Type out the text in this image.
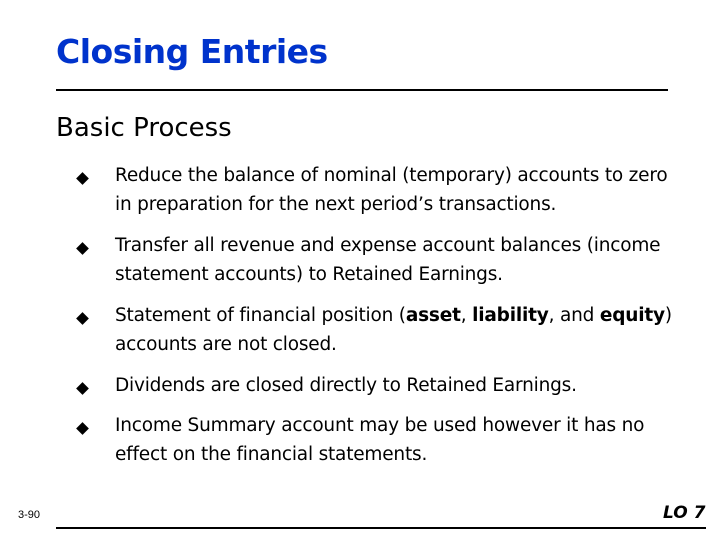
Closing Entries
Basic Process
Reduce the balance of nominal (temporary) accounts to zero in preparation for the next period’s transactions.
Transfer all revenue and expense account balances (income statement accounts) to Retained Earnings.
Statement of financial position (asset, liability, and equity) accounts are not closed.
Dividends are closed directly to Retained Earnings.
Income Summary account may be used however it has no effect on the financial statements.
3-90	LO 7
